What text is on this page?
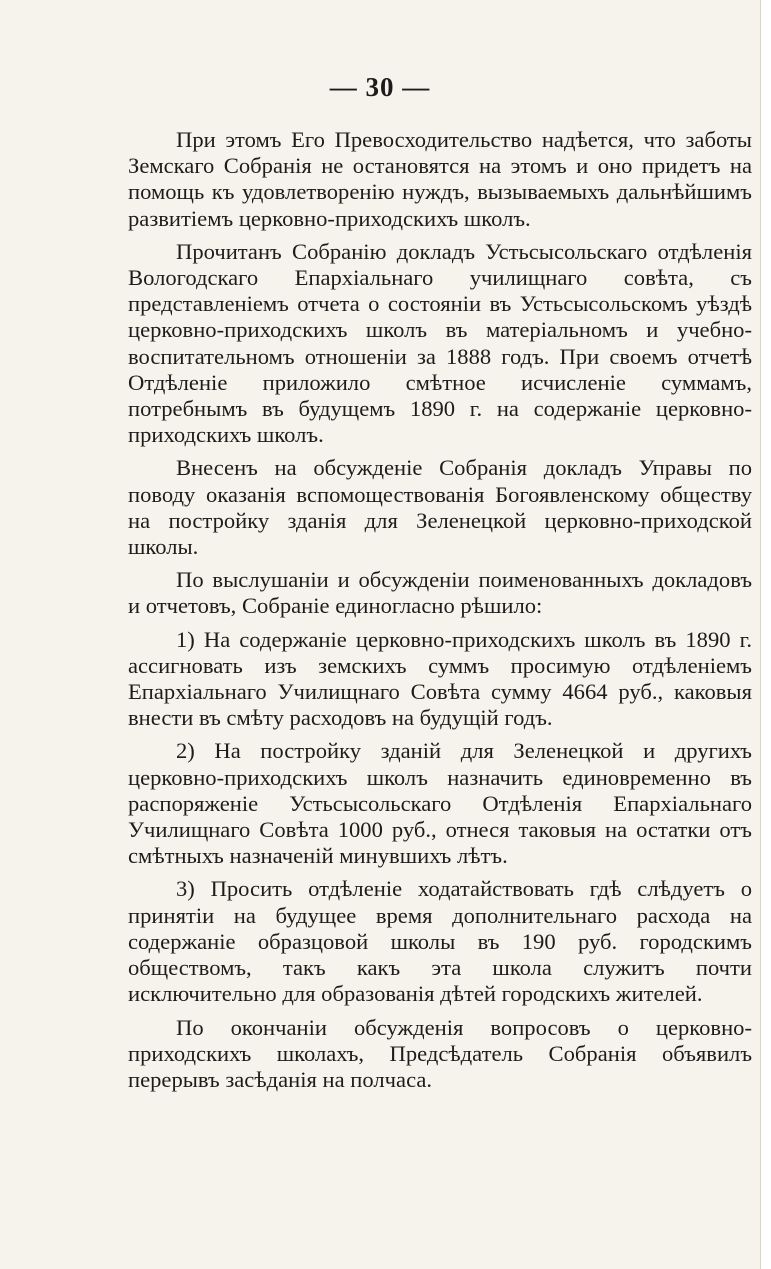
— 30 —

При этомъ Его Превосходительство надѣется, что заботы Земскаго Собранія не остановятся на этомъ и оно придетъ на помощь къ удовлетворенію нуждъ, вызываемыхъ дальнѣйшимъ развитіемъ церковно-приходскихъ школъ.

Прочитанъ Собранію докладъ Устьсысольскаго отдѣленія Вологодскаго Епархіальнаго училищнаго совѣта, съ представленіемъ отчета о состояніи въ Устьсысольскомъ уѣздѣ церковно-приходскихъ школъ въ матеріальномъ и учебно-воспитательномъ отношеніи за 1888 годъ. При своемъ отчетѣ Отдѣленіе приложило смѣтное исчисленіе суммамъ, потребнымъ въ будущемъ 1890 г. на содержаніе церковно-приходскихъ школъ.

Внесенъ на обсужденіе Собранія докладъ Управы по поводу оказанія вспомоществованія Богоявленскому обществу на постройку зданія для Зеленецкой церковно-приходской школы.

По выслушаніи и обсужденіи поименованныхъ докладовъ и отчетовъ, Собраніе единогласно рѣшило:

1) На содержаніе церковно-приходскихъ школъ въ 1890 г. ассигновать изъ земскихъ суммъ просимую отдѣленіемъ Епархіальнаго Училищнаго Совѣта сумму 4664 руб., каковыя внести въ смѣту расходовъ на будущій годъ.

2) На постройку зданій для Зеленецкой и другихъ церковно-приходскихъ школъ назначить единовременно въ распоряженіе Устьсысольскаго Отдѣленія Епархіальнаго Училищнаго Совѣта 1000 руб., отнеся таковыя на остатки отъ смѣтныхъ назначеній минувшихъ лѣтъ.

3) Просить отдѣленіе ходатайствовать гдѣ слѣдуетъ о принятіи на будущее время дополнительнаго расхода на содержаніе образцовой школы въ 190 руб. городскимъ обществомъ, такъ какъ эта школа служитъ почти исключительно для образованія дѣтей городскихъ жителей.

По окончаніи обсужденія вопросовъ о церковно-приходскихъ школахъ, Предсѣдатель Собранія объявилъ перерывъ засѣданія на полчаса.
